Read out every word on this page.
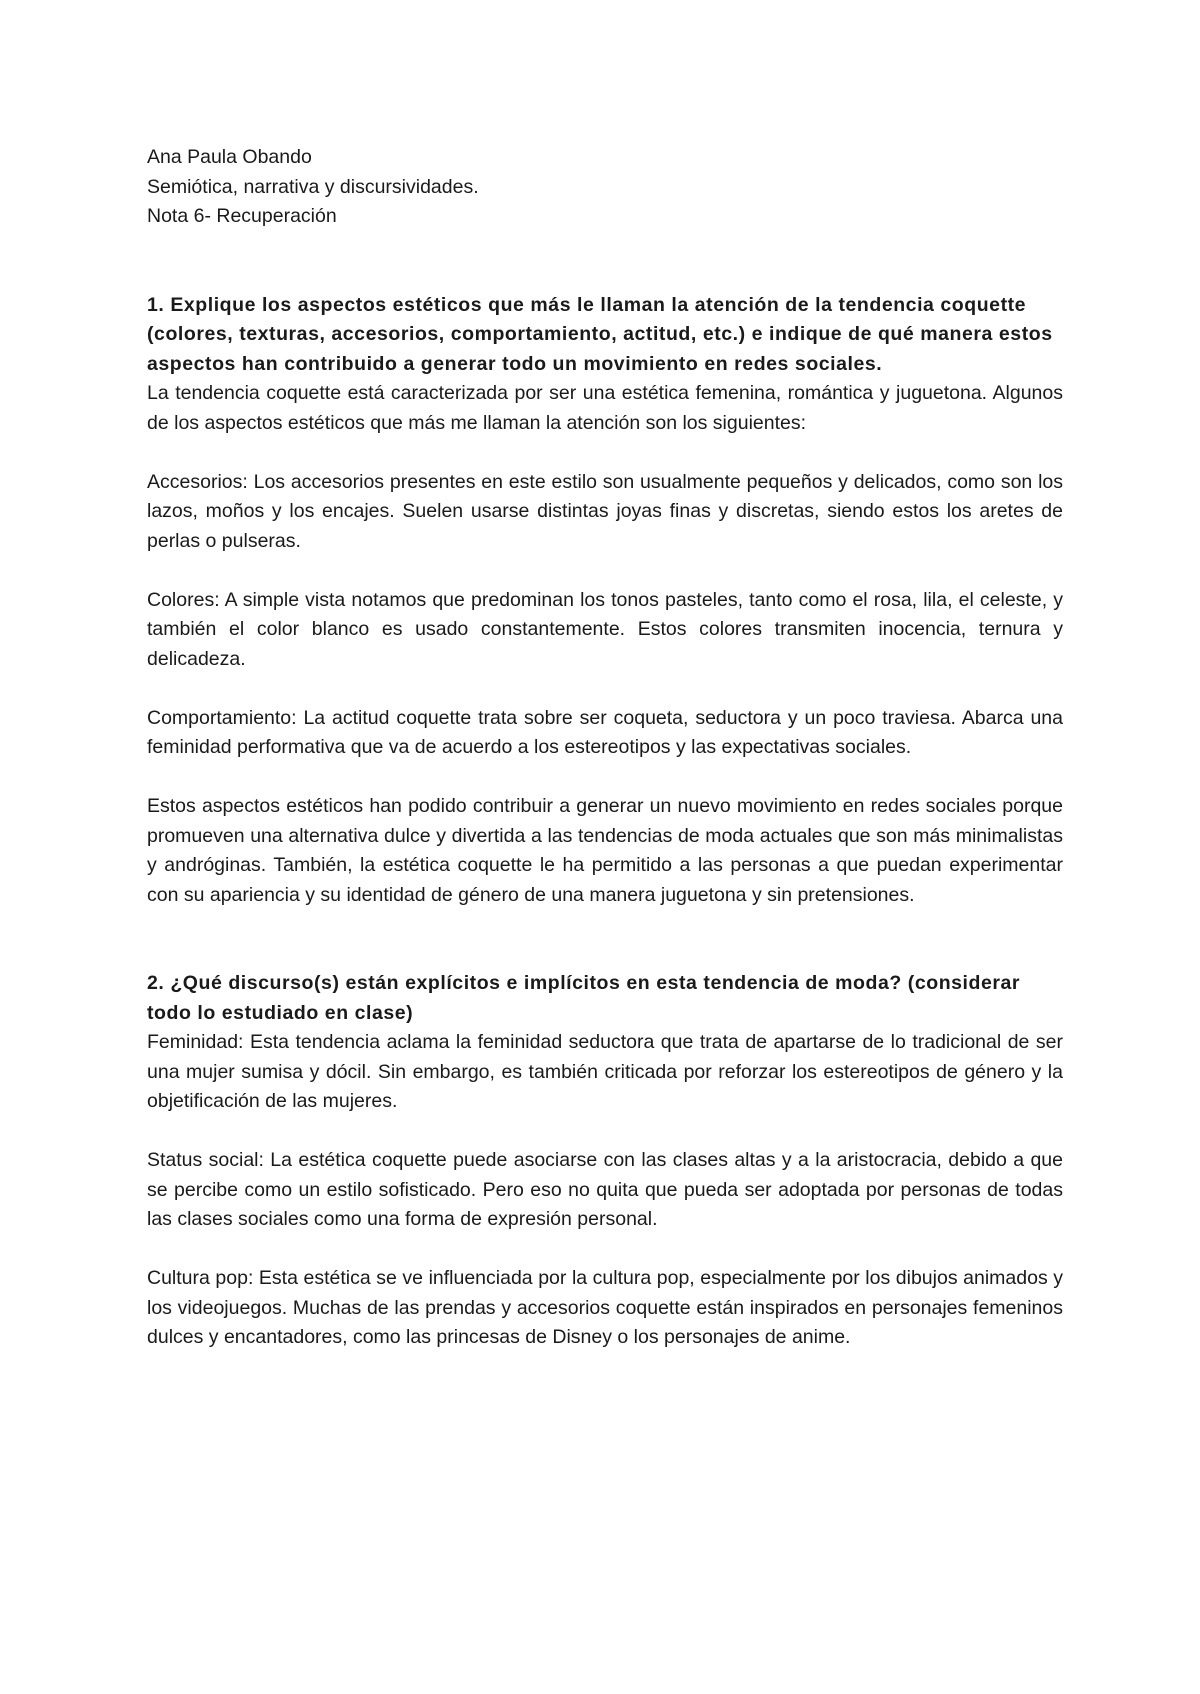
Ana Paula Obando
Semiótica, narrativa y discursividades.
Nota 6- Recuperación

1. Explique los aspectos estéticos que más le llaman la atención de la tendencia coquette (colores, texturas, accesorios, comportamiento, actitud, etc.) e indique de qué manera estos aspectos han contribuido a generar todo un movimiento en redes sociales.

La tendencia coquette está caracterizada por ser una estética femenina, romántica y juguetona. Algunos de los aspectos estéticos que más me llaman la atención son los siguientes:

Accesorios: Los accesorios presentes en este estilo son usualmente pequeños y delicados, como son los lazos, moños y los encajes. Suelen usarse distintas joyas finas y discretas, siendo estos los aretes de perlas o pulseras.

Colores: A simple vista notamos que predominan los tonos pasteles, tanto como el rosa, lila, el celeste, y también el color blanco es usado constantemente. Estos colores transmiten inocencia, ternura y delicadeza.

Comportamiento: La actitud coquette trata sobre ser coqueta, seductora y un poco traviesa. Abarca una feminidad performativa que va de acuerdo a los estereotipos y las expectativas sociales.

Estos aspectos estéticos han podido contribuir a generar un nuevo movimiento en redes sociales porque promueven una alternativa dulce y divertida a las tendencias de moda actuales que son más minimalistas y andróginas. También, la estética coquette le ha permitido a las personas a que puedan experimentar con su apariencia y su identidad de género de una manera juguetona y sin pretensiones.

2. ¿Qué discurso(s) están explícitos e implícitos en esta tendencia de moda? (considerar todo lo estudiado en clase)

Feminidad: Esta tendencia aclama la feminidad seductora que trata de apartarse de lo tradicional de ser una mujer sumisa y dócil. Sin embargo, es también criticada por reforzar los estereotipos de género y la objetificación de las mujeres.

Status social: La estética coquette puede asociarse con las clases altas y a la aristocracia, debido a que se percibe como un estilo sofisticado. Pero eso no quita que pueda ser adoptada por personas de todas las clases sociales como una forma de expresión personal.

Cultura pop: Esta estética se ve influenciada por la cultura pop, especialmente por los dibujos animados y los videojuegos. Muchas de las prendas y accesorios coquette están inspirados en personajes femeninos dulces y encantadores, como las princesas de Disney o los personajes de anime.
